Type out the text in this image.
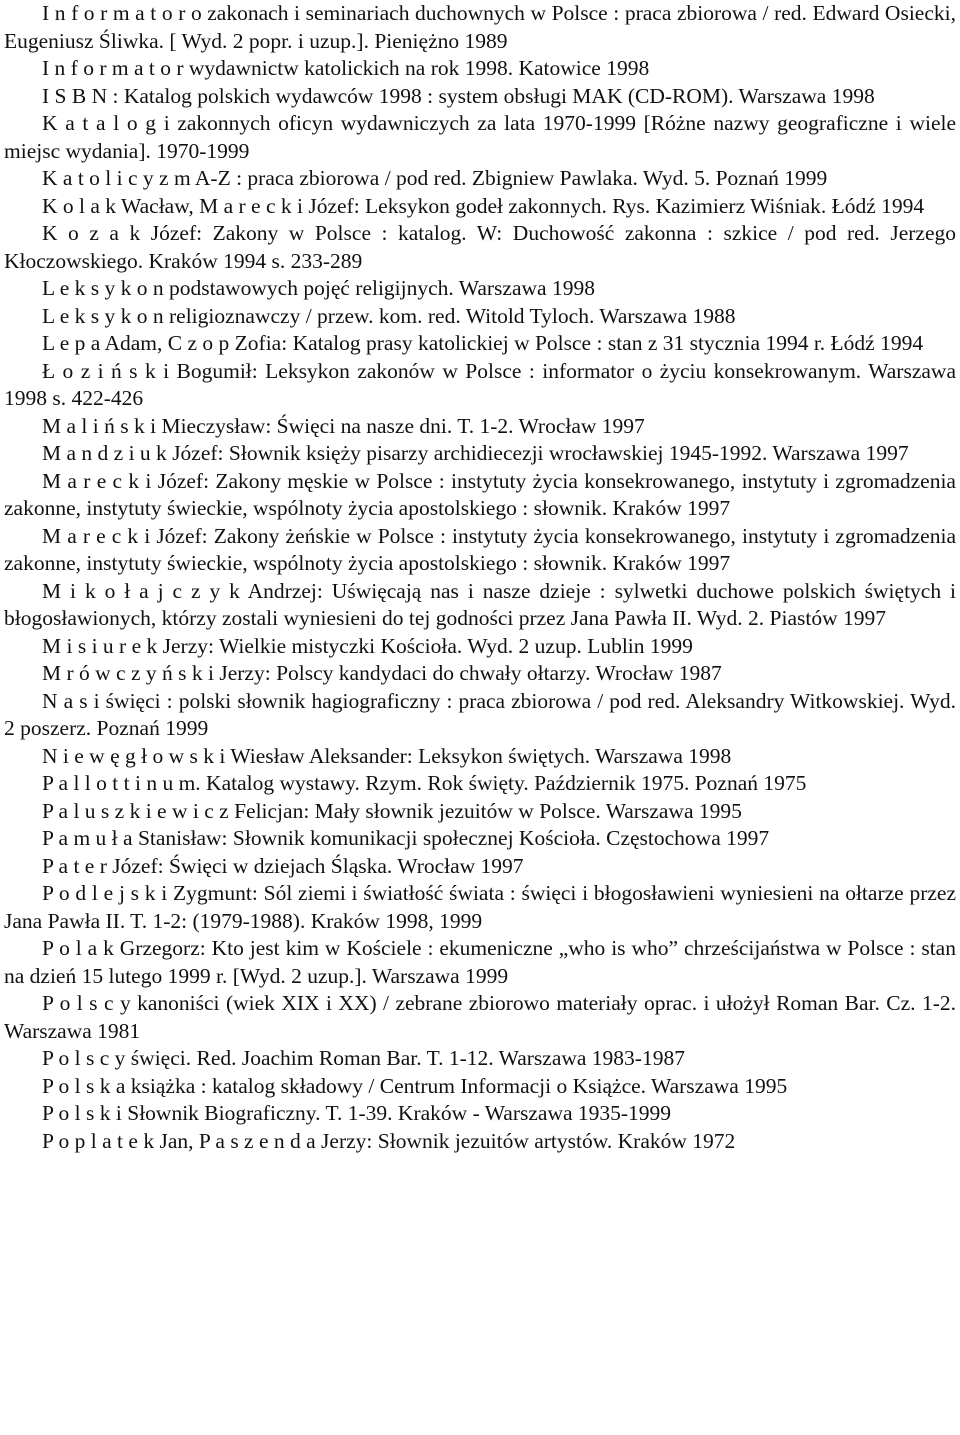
I n f o r m a t o r o zakonach i seminariach duchownych w Polsce : praca zbiorowa / red. Edward Osiecki, Eugeniusz Śliwka. [ Wyd. 2 popr. i uzup.]. Pieniężno 1989

I n f o r m a t o r wydawnictw katolickich na rok 1998. Katowice 1998

I S B N : Katalog polskich wydawców 1998 : system obsługi MAK (CD-ROM). Warszawa 1998

K a t a l o g i zakonnych oficyn wydawniczych za lata 1970-1999 [Różne nazwy geograficzne i wiele miejsc wydania]. 1970-1999

K a t o l i c y z m A-Z : praca zbiorowa / pod red. Zbigniew Pawlaka. Wyd. 5. Poznań 1999

K o l a k Wacław, M a r e c k i Józef: Leksykon godeł zakonnych. Rys. Kazimierz Wiśniak. Łódź 1994

K o z a k Józef: Zakony w Polsce : katalog. W: Duchowość zakonna : szkice / pod red. Jerzego Kłoczowskiego. Kraków 1994 s. 233-289

L e k s y k o n podstawowych pojęć religijnych. Warszawa 1998

L e k s y k o n religioznawczy / przew. kom. red. Witold Tyloch. Warszawa 1988

L e p a Adam, C z o p Zofia: Katalog prasy katolickiej w Polsce : stan z 31 stycznia 1994 r. Łódź 1994

Ł o z i ń s k i Bogumił: Leksykon zakonów w Polsce : informator o życiu konsekrowanym. Warszawa 1998 s. 422-426

M a l i ń s k i Mieczysław: Święci na nasze dni. T. 1-2. Wrocław 1997

M a n d z i u k Józef: Słownik księży pisarzy archidiecezji wrocławskiej 1945-1992. Warszawa 1997

M a r e c k i Józef: Zakony męskie w Polsce : instytuty życia konsekrowanego, instytuty i zgromadzenia zakonne, instytuty świeckie, wspólnoty życia apostolskiego : słownik. Kraków 1997

M a r e c k i Józef: Zakony żeńskie w Polsce : instytuty życia konsekrowanego, instytuty i zgromadzenia zakonne, instytuty świeckie, wspólnoty życia apostolskiego : słownik. Kraków 1997

M i k o ł a j c z y k Andrzej: Uświęcają nas i nasze dzieje : sylwetki duchowe polskich świętych i błogosławionych, którzy zostali wyniesieni do tej godności przez Jana Pawła II. Wyd. 2. Piastów 1997

M i s i u r e k Jerzy: Wielkie mistyczki Kościoła. Wyd. 2 uzup. Lublin 1999

M r ó w c z y ń s k i Jerzy: Polscy kandydaci do chwały ołtarzy. Wrocław 1987

N a s i święci : polski słownik hagiograficzny : praca zbiorowa / pod red. Aleksandry Witkowskiej. Wyd. 2 poszerz. Poznań 1999

N i e w ę g ł o w s k i Wiesław Aleksander: Leksykon świętych. Warszawa 1998

P a l l o t t i n u m. Katalog wystawy. Rzym. Rok święty. Październik 1975. Poznań 1975

P a l u s z k i e w i c z Felicjan: Mały słownik jezuitów w Polsce. Warszawa 1995

P a m u ł a Stanisław: Słownik komunikacji społecznej Kościoła. Częstochowa 1997

P a t e r Józef: Święci w dziejach Śląska. Wrocław 1997

P o d l e j s k i Zygmunt: Sól ziemi i światłość świata : święci i błogosławieni wyniesieni na ołtarze przez Jana Pawła II. T. 1-2: (1979-1988). Kraków 1998, 1999

P o l a k Grzegorz: Kto jest kim w Kościele : ekumeniczne „who is who” chrześcijaństwa w Polsce : stan na dzień 15 lutego 1999 r. [Wyd. 2 uzup.]. Warszawa 1999

P o l s c y kanoniści (wiek XIX i XX) / zebrane zbiorowo materiały oprac. i ułożył Roman Bar. Cz. 1-2. Warszawa 1981

P o l s c y święci. Red. Joachim Roman Bar. T. 1-12. Warszawa 1983-1987

P o l s k a książka : katalog składowy / Centrum Informacji o Książce. Warszawa 1995

P o l s k i Słownik Biograficzny. T. 1-39. Kraków - Warszawa 1935-1999

P o p l a t e k Jan, P a s z e n d a Jerzy: Słownik jezuitów artystów. Kraków 1972
